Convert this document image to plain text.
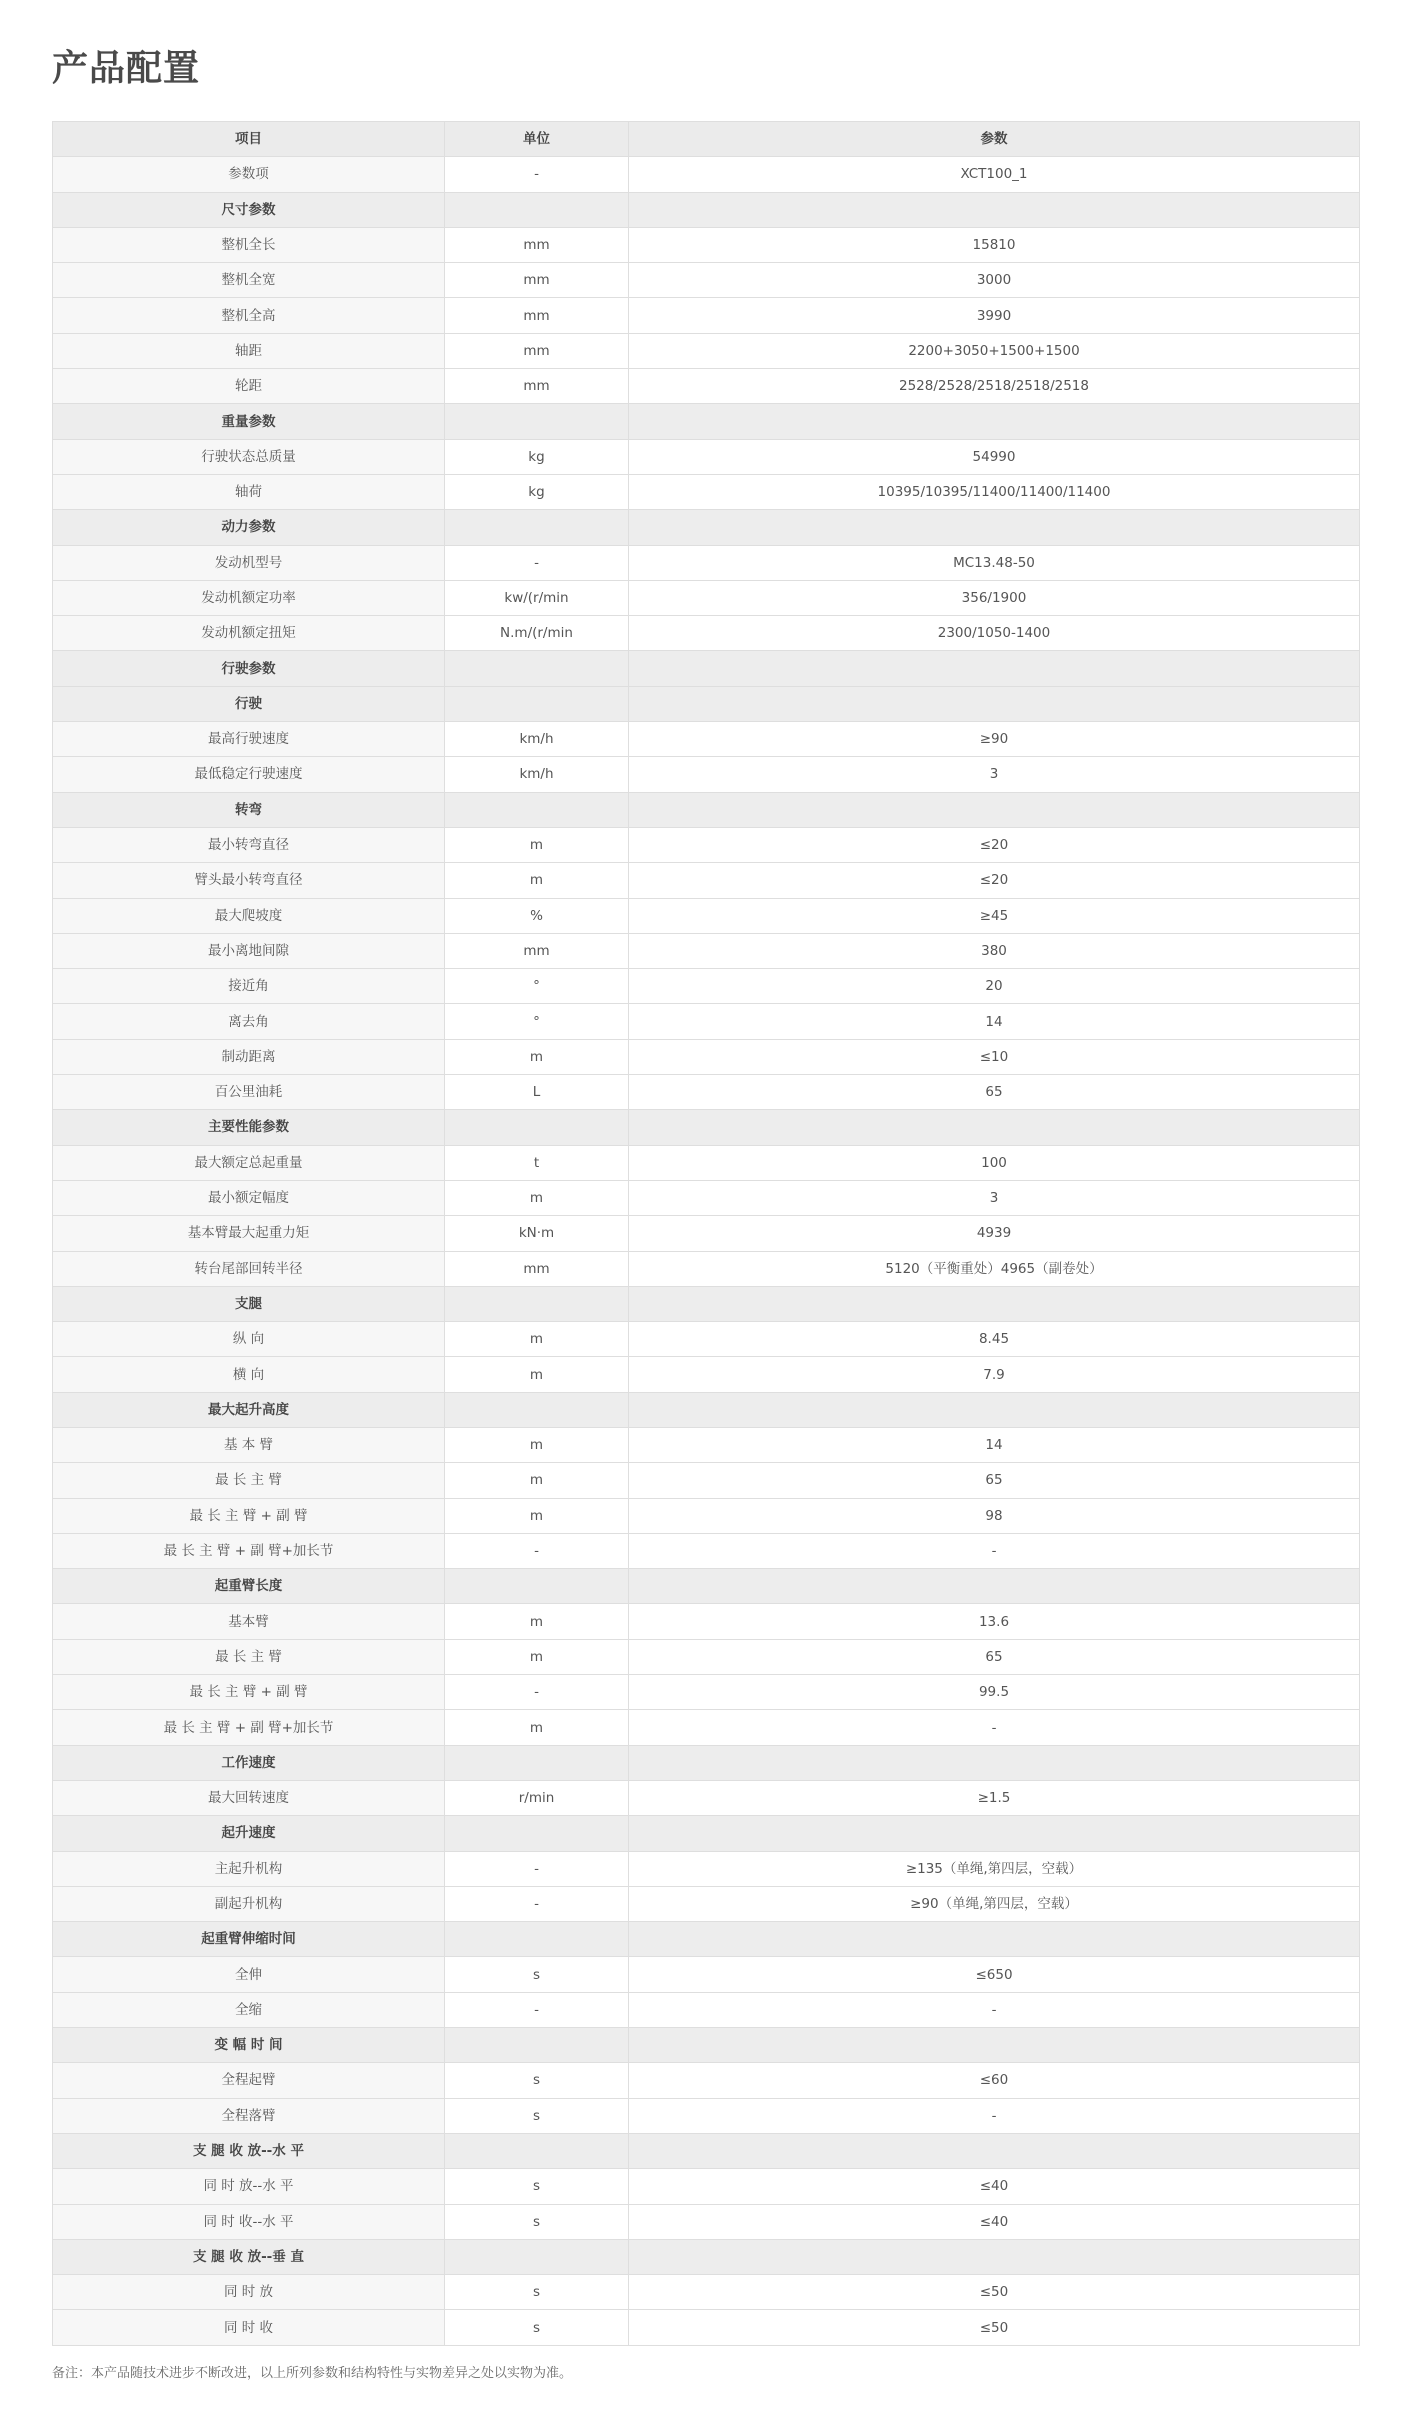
产品配置
项目	单位	参数
参数项	-	XCT100_1
尺寸参数		
整机全长	mm	15810
整机全宽	mm	3000
整机全高	mm	3990
轴距	mm	2200+3050+1500+1500
轮距	mm	2528/2528/2518/2518/2518
重量参数		
行驶状态总质量	kg	54990
轴荷	kg	10395/10395/11400/11400/11400
动力参数		
发动机型号	-	MC13.48-50
发动机额定功率	kw/(r/min	356/1900
发动机额定扭矩	N.m/(r/min	2300/1050-1400
行驶参数		
行驶		
最高行驶速度	km/h	≥90
最低稳定行驶速度	km/h	3
转弯		
最小转弯直径	m	≤20
臂头最小转弯直径	m	≤20
最大爬坡度	%	≥45
最小离地间隙	mm	380
接近角	°	20
离去角	°	14
制动距离	m	≤10
百公里油耗	L	65
主要性能参数		
最大额定总起重量	t	100
最小额定幅度	m	3
基本臂最大起重力矩	kN·m	4939
转台尾部回转半径	mm	5120（平衡重处）4965（副卷处）
支腿		
纵 向	m	8.45
横 向	m	7.9
最大起升高度		
基 本 臂	m	14
最 长 主 臂	m	65
最 长 主 臂 + 副 臂	m	98
最 长 主 臂 + 副 臂+加长节	-	-
起重臂长度		
基本臂	m	13.6
最 长 主 臂	m	65
最 长 主 臂 + 副 臂	-	99.5
最 长 主 臂 + 副 臂+加长节	m	-
工作速度		
最大回转速度	r/min	≥1.5
起升速度		
主起升机构	-	≥135（单绳,第四层，空载）
副起升机构	-	≥90（单绳,第四层，空载）
起重臂伸缩时间		
全伸	s	≤650
全缩	-	-
变 幅 时 间		
全程起臂	s	≤60
全程落臂	s	-
支 腿 收 放--水 平		
同 时 放--水 平	s	≤40
同 时 收--水 平	s	≤40
支 腿 收 放--垂 直		
同 时 放	s	≤50
同 时 收	s	≤50

备注：本产品随技术进步不断改进，以上所列参数和结构特性与实物差异之处以实物为准。
